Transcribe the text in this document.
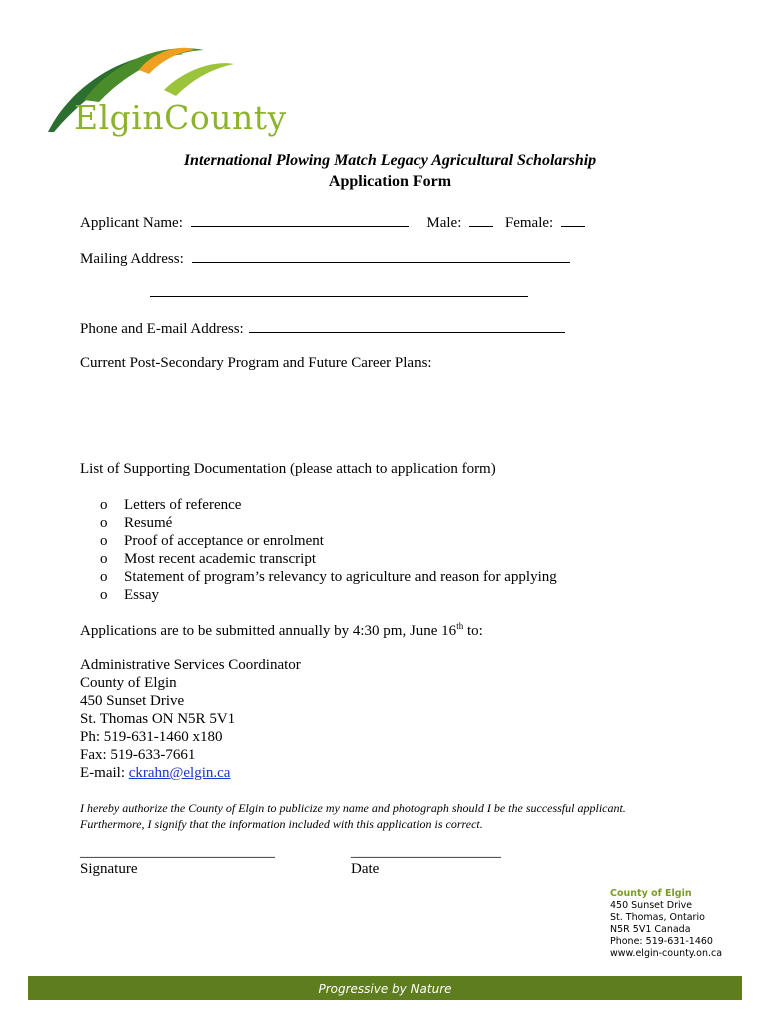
ElginCounty
International Plowing Match Legacy Agricultural Scholarship
Application Form
Applicant Name:	Male:	Female:
Mailing Address:
Phone and E-mail Address:
Current Post-Secondary Program and Future Career Plans:
List of Supporting Documentation (please attach to application form)
o	Letters of reference
o	Resumé
o	Proof of acceptance or enrolment
o	Most recent academic transcript
o	Statement of program’s relevancy to agriculture and reason for applying
o	Essay
Applications are to be submitted annually by 4:30 pm, June 16th to:
Administrative Services Coordinator
County of Elgin
450 Sunset Drive
St. Thomas ON N5R 5V1
Ph: 519-631-1460 x180
Fax: 519-633-7661
E-mail: ckrahn@elgin.ca
I hereby authorize the County of Elgin to publicize my name and photograph should I be the successful applicant.
Furthermore, I signify that the information included with this application is correct.
__________________________
Signature
____________________
Date
County of Elgin
450 Sunset Drive
St. Thomas, Ontario
N5R 5V1 Canada
Phone: 519-631-1460
www.elgin-county.on.ca
Progressive by Nature
